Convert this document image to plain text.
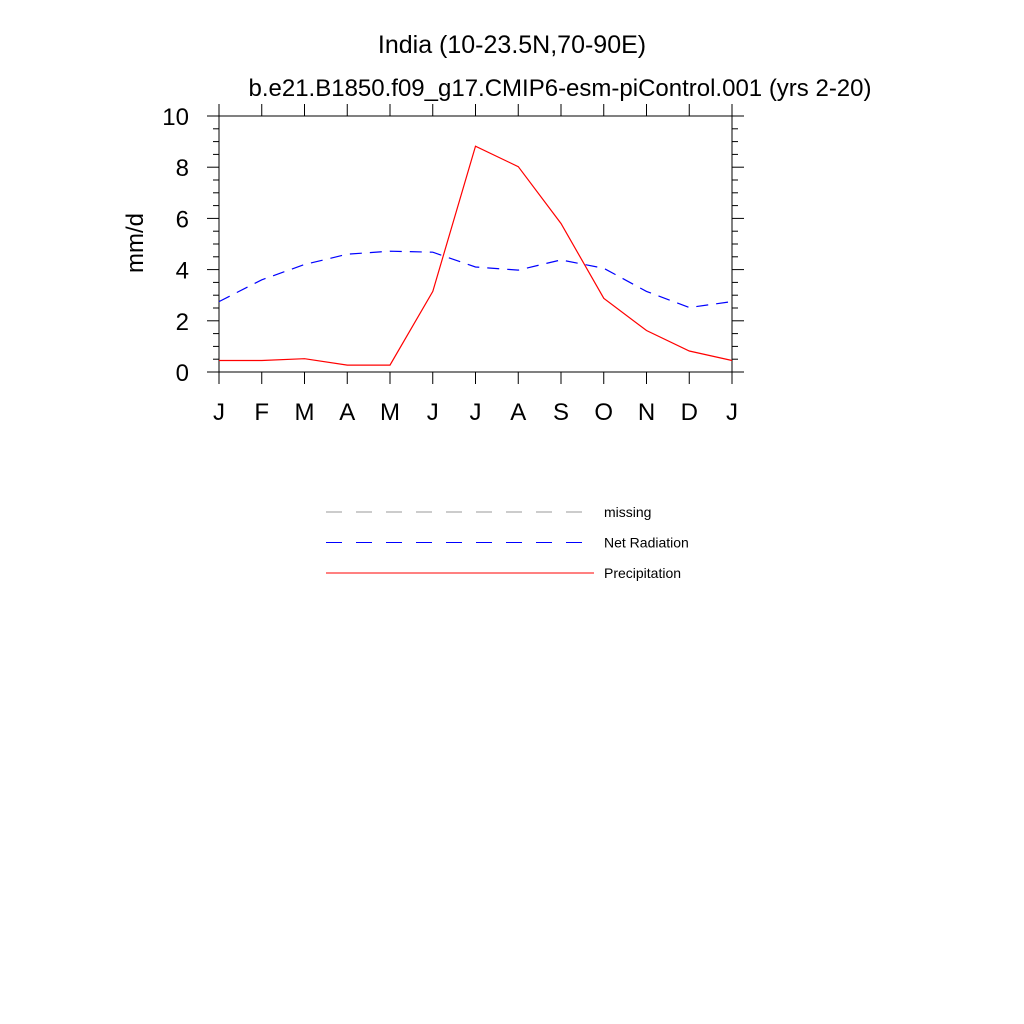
India (10-23.5N,70-90E)
b.e21.B1850.f09_g17.CMIP6-esm-piControl.001 (yrs 2-20)
mm/d
J F M A M J J A S O N D J
0
2
4
6
8
10
missing
Net Radiation
Precipitation
